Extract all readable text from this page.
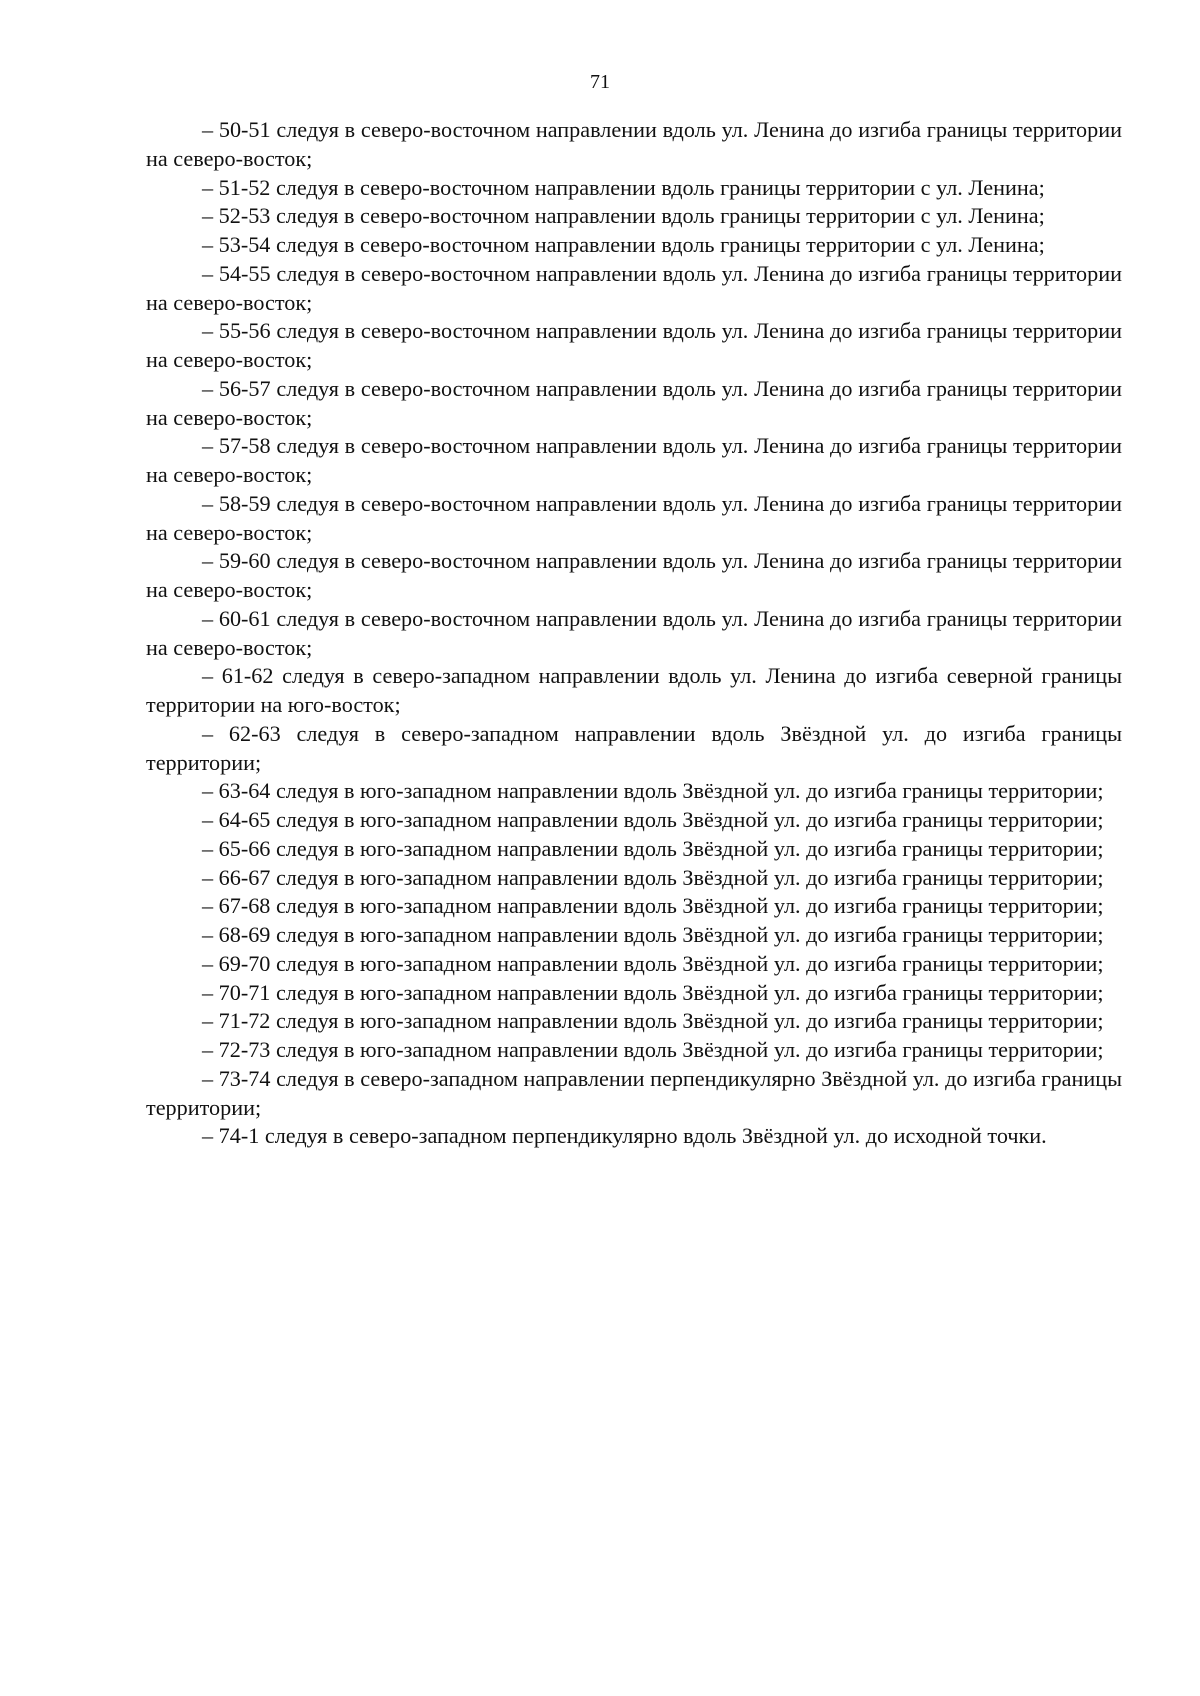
71

– 50-51 следуя в северо-восточном направлении вдоль ул. Ленина до изгиба границы территории на северо-восток;

– 51-52 следуя в северо-восточном направлении вдоль границы территории с ул. Ленина;

– 52-53 следуя в северо-восточном направлении вдоль границы территории с ул. Ленина;

– 53-54 следуя в северо-восточном направлении вдоль границы территории с ул. Ленина;

– 54-55 следуя в северо-восточном направлении вдоль ул. Ленина до изгиба границы территории на северо-восток;

– 55-56 следуя в северо-восточном направлении вдоль ул. Ленина до изгиба границы территории на северо-восток;

– 56-57 следуя в северо-восточном направлении вдоль ул. Ленина до изгиба границы территории на северо-восток;

– 57-58 следуя в северо-восточном направлении вдоль ул. Ленина до изгиба границы территории на северо-восток;

– 58-59 следуя в северо-восточном направлении вдоль ул. Ленина до изгиба границы территории на северо-восток;

– 59-60 следуя в северо-восточном направлении вдоль ул. Ленина до изгиба границы территории на северо-восток;

– 60-61 следуя в северо-восточном направлении вдоль ул. Ленина до изгиба границы территории на северо-восток;

– 61-62 следуя в северо-западном направлении вдоль ул. Ленина до изгиба северной границы территории на юго-восток;

– 62-63 следуя в северо-западном направлении вдоль Звёздной ул. до изгиба границы территории;

– 63-64 следуя в юго-западном направлении вдоль Звёздной ул. до изгиба границы территории;

– 64-65 следуя в юго-западном направлении вдоль Звёздной ул. до изгиба границы территории;

– 65-66 следуя в юго-западном направлении вдоль Звёздной ул. до изгиба границы территории;

– 66-67 следуя в юго-западном направлении вдоль Звёздной ул. до изгиба границы территории;

– 67-68 следуя в юго-западном направлении вдоль Звёздной ул. до изгиба границы территории;

– 68-69 следуя в юго-западном направлении вдоль Звёздной ул. до изгиба границы территории;

– 69-70 следуя в юго-западном направлении вдоль Звёздной ул. до изгиба границы территории;

– 70-71 следуя в юго-западном направлении вдоль Звёздной ул. до изгиба границы территории;

– 71-72 следуя в юго-западном направлении вдоль Звёздной ул. до изгиба границы территории;

– 72-73 следуя в юго-западном направлении вдоль Звёздной ул. до изгиба границы территории;

– 73-74 следуя в северо-западном направлении перпендикулярно Звёздной ул. до изгиба границы территории;

– 74-1 следуя в северо-западном перпендикулярно вдоль Звёздной ул. до исходной точки.
